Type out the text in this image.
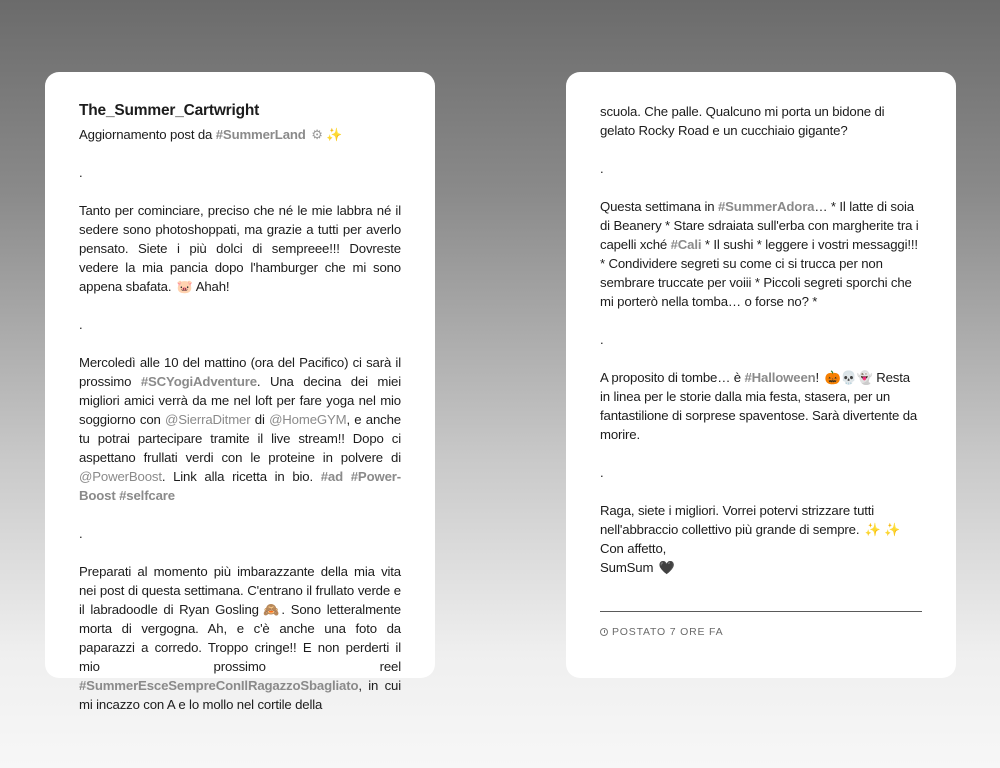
The_Summer_Cartwright

Aggiornamento post da #SummerLand ⚙ ✨

.

Tanto per cominciare, preciso che né le mie labbra né il sedere sono photoshoppati, ma grazie a tutti per averlo pensato. Siete i più dolci di sempreee!!! Dovreste vedere la mia pancia dopo l'hamburger che mi sono appena sbafata. 🐷 Ahah!

.

Mercoledì alle 10 del mattino (ora del Pacifico) ci sarà il prossimo #SCYogiAdventure. Una decina dei miei migliori amici verrà da me nel loft per fare yoga nel mio soggiorno con @SierraDitmer di @HomeGYM, e anche tu potrai partecipare tramite il live stream!! Dopo ci aspettano frullati verdi con le proteine in polvere di @PowerBoost. Link alla ricetta in bio. #ad #Power-Boost #selfcare

.

Preparati al momento più imbarazzante della mia vita nei post di questa settimana. C'entrano il frullato verde e il labradoodle di Ryan Gosling 🙈. Sono letteralmente morta di vergogna. Ah, e c'è anche una foto da paparazzi a corredo. Troppo cringe!! E non perderti il mio prossimo reel #SummerEsceSempreConIlRagazzoSbagliato, in cui mi incazzo con A e lo mollo nel cortile della

scuola. Che palle. Qualcuno mi porta un bidone di gelato Rocky Road e un cucchiaio gigante?

.

Questa settimana in #SummerAdora… * Il latte di soia di Beanery * Stare sdraiata sull'erba con margherite tra i capelli xché #Cali * Il sushi * leggere i vostri messaggi!!! * Condividere segreti su come ci si trucca per non sembrare truccate per voiii * Piccoli segreti sporchi che mi porterò nella tomba… o forse no? *

.

A proposito di tombe… è #Halloween! 🎃💀👻 Resta in linea per le storie dalla mia festa, stasera, per un fantastilione di sorprese spaventose. Sarà divertente da morire.

.

Raga, siete i migliori. Vorrei potervi strizzare tutti nell'abbraccio collettivo più grande di sempre. ✨ ✨

Con affetto,

SumSum 🖤

POSTATO 7 ORE FA
